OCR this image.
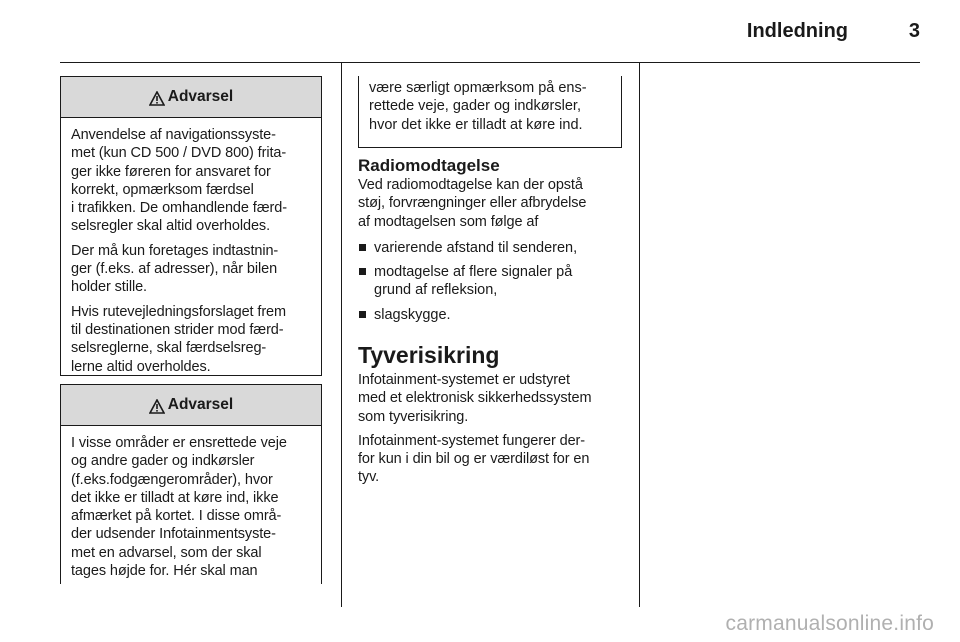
Indledning	3
Advarsel

Anvendelse af navigationssyste-
met (kun CD 500 / DVD 800) frita-
ger ikke føreren for ansvaret for
korrekt, opmærksom færdsel
i trafikken. De omhandlende færd-
selsregler skal altid overholdes.

Der må kun foretages indtastnin-
ger (f.eks. af adresser), når bilen
holder stille.

Hvis rutevejledningsforslaget frem
til destinationen strider mod færd-
selsreglerne, skal færdselsreg-
lerne altid overholdes.

Advarsel

I visse områder er ensrettede veje
og andre gader og indkørsler
(f.eks.fodgængerområder), hvor
det ikke er tilladt at køre ind, ikke
afmærket på kortet. I disse områ-
der udsender Infotainmentsyste-
met en advarsel, som der skal
tages højde for. Hér skal man

være særligt opmærksom på ens-
rettede veje, gader og indkørsler,
hvor det ikke er tilladt at køre ind.
Radiomodtagelse

Ved radiomodtagelse kan der opstå
støj, forvrængninger eller afbrydelse
af modtagelsen som følge af

varierende afstand til senderen,
modtagelse af flere signaler på
grund af refleksion,
slagskygge.
Tyverisikring

Infotainment-systemet er udstyret
med et elektronisk sikkerhedssystem
som tyverisikring.

Infotainment-systemet fungerer der-
for kun i din bil og er værdiløst for en
tyv.

carmanualsonline.info
